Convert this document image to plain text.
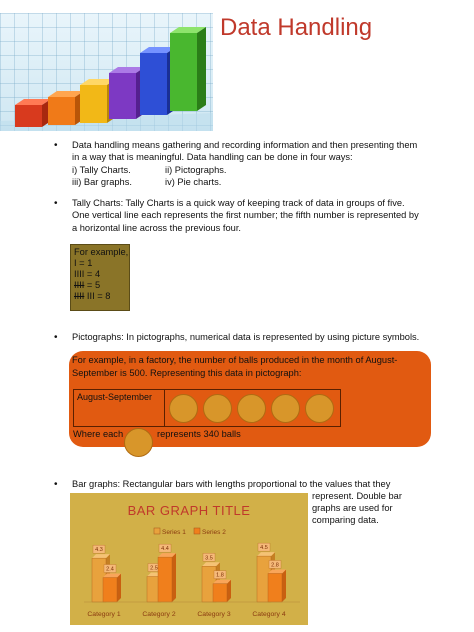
Data Handling
• Data handling means gathering and recording information and then presenting them
in a way that is meaningful. Data handling can be done in four ways:
i) Tally Charts.	ii) Pictographs.
iii) Bar graphs.	iv) Pie charts.
• Tally Charts: Tally Charts is a quick way of keeping track of data in groups of five.
One vertical line each represents the first number; the fifth number is represented by
a horizontal line across the previous four.
For example,
I = 1
IIII = 4
IIII = 5
IIII III = 8
• Pictographs: In pictographs, numerical data is represented by using picture symbols.
For example, in a factory, the number of balls produced in the month of August-
September is 500. Representing this data in pictograph:
August-September
Where each	represents 340 balls
• Bar graphs: Rectangular bars with lengths proportional to the values that they
represent. Double bar
graphs are used for
comparing data.
BAR GRAPH TITLE
Series 1 Series 2
4.3
2.4
Category 1
2.5
4.4
Category 2
3.5
1.8
Category 3
4.5
2.8
Category 4
